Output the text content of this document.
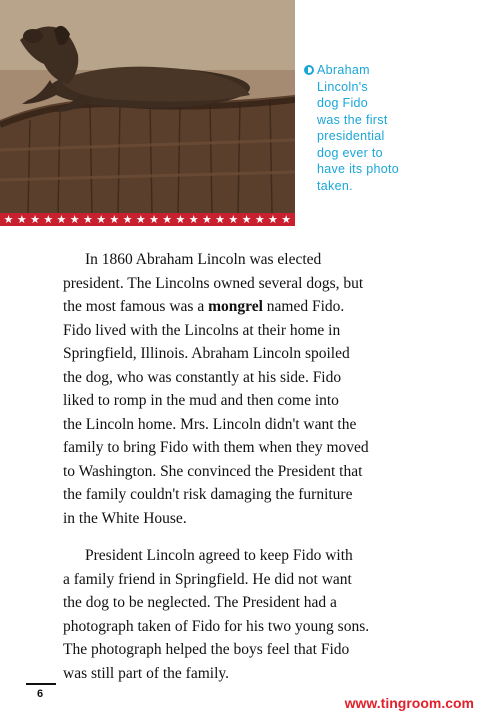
★ ★ ★ ★ ★ ★ ★ ★ ★ ★ ★ ★ ★ ★ ★ ★ ★ ★ ★ ★ ★ ★
Abraham
Lincoln's
dog Fido
was the first
presidential
dog ever to
have its photo
taken.

In 1860 Abraham Lincoln was elected
president. The Lincolns owned several dogs, but
the most famous was a mongrel named Fido.
Fido lived with the Lincolns at their home in
Springfield, Illinois. Abraham Lincoln spoiled
the dog, who was constantly at his side. Fido
liked to romp in the mud and then come into
the Lincoln home. Mrs. Lincoln didn't want the
family to bring Fido with them when they moved
to Washington. She convinced the President that
the family couldn't risk damaging the furniture
in the White House.

President Lincoln agreed to keep Fido with
a family friend in Springfield. He did not want
the dog to be neglected. The President had a
photograph taken of Fido for his two young sons.
The photograph helped the boys feel that Fido
was still part of the family.

6
www.tingroom.com
